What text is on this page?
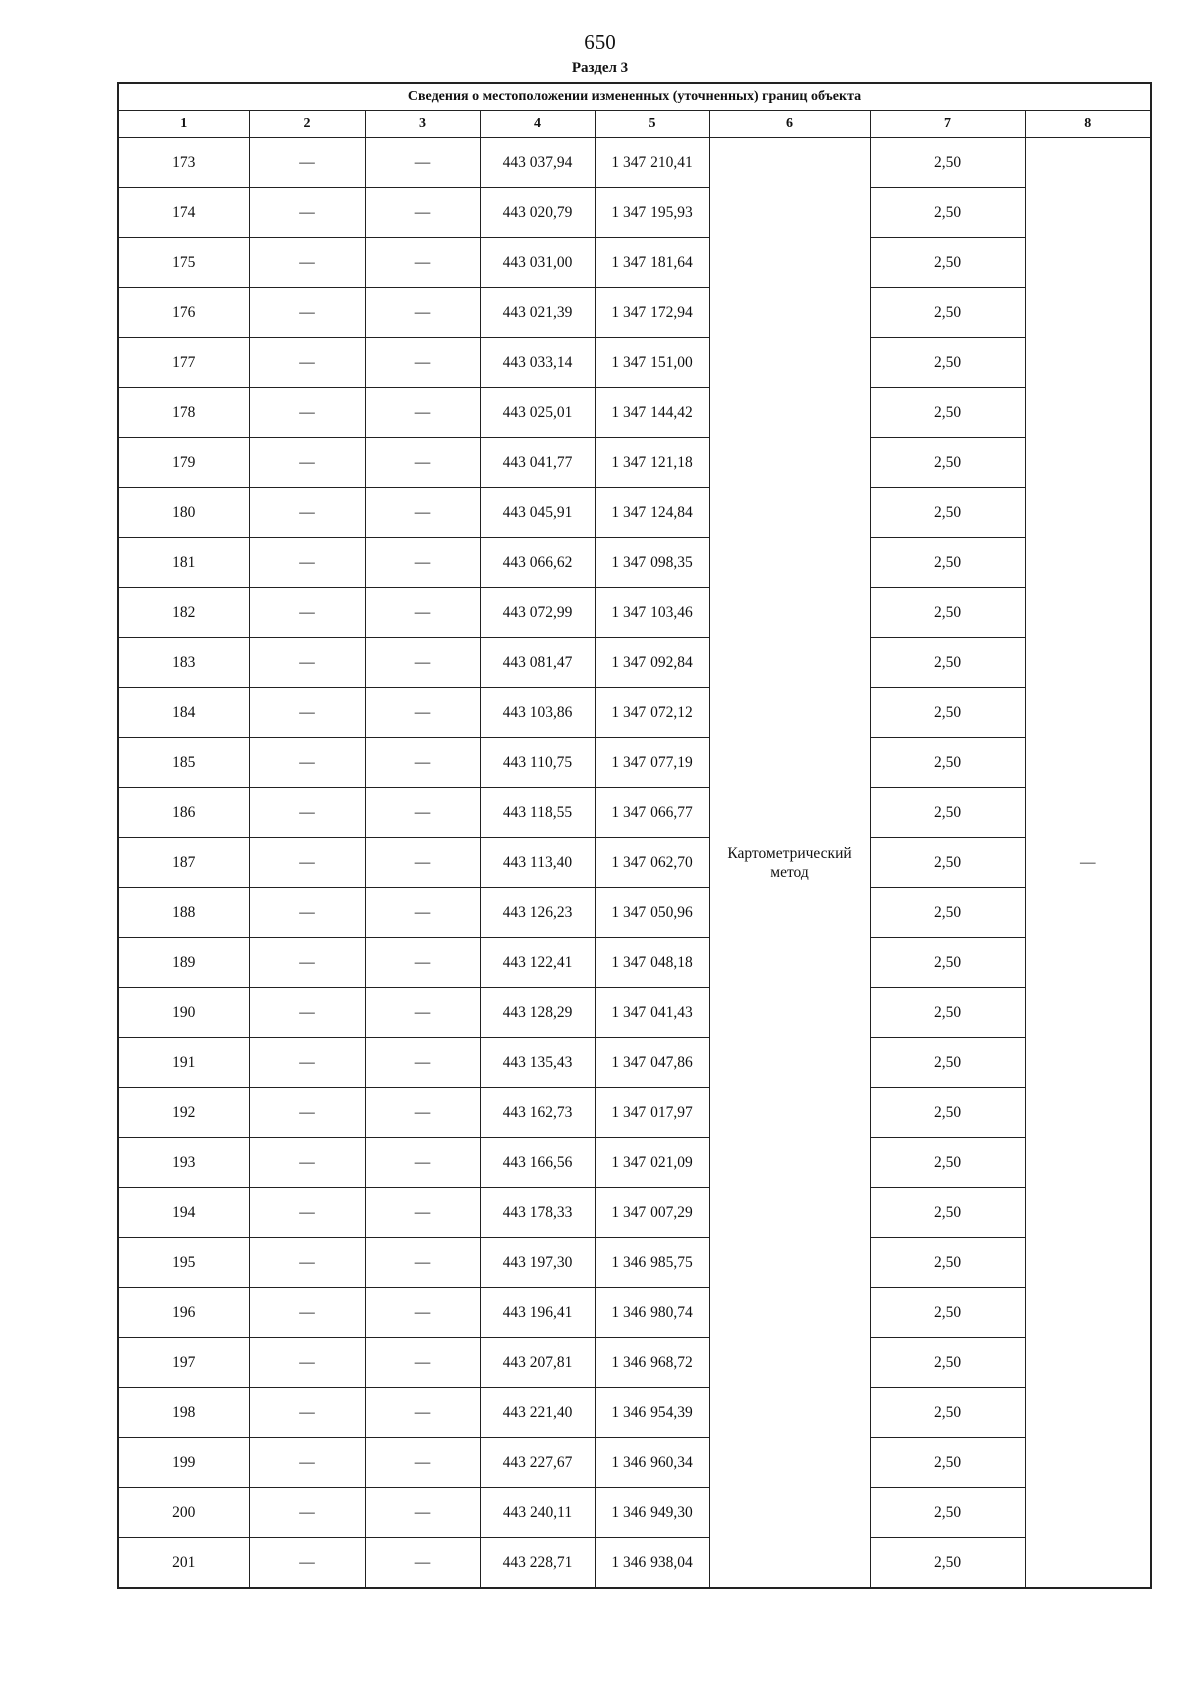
650
Раздел 3
Сведения о местоположении измененных (уточненных) границ объекта							
1	2	3	4	5	6	7	8
173	—	—	443 037,94	1 347 210,41	Картометрический метод	2,50	—
174	—	—	443 020,79	1 347 195,93		2,50	
175	—	—	443 031,00	1 347 181,64		2,50	
176	—	—	443 021,39	1 347 172,94		2,50	
177	—	—	443 033,14	1 347 151,00		2,50	
178	—	—	443 025,01	1 347 144,42		2,50	
179	—	—	443 041,77	1 347 121,18		2,50	
180	—	—	443 045,91	1 347 124,84		2,50	
181	—	—	443 066,62	1 347 098,35		2,50	
182	—	—	443 072,99	1 347 103,46		2,50	
183	—	—	443 081,47	1 347 092,84		2,50	
184	—	—	443 103,86	1 347 072,12		2,50	
185	—	—	443 110,75	1 347 077,19		2,50	
186	—	—	443 118,55	1 347 066,77		2,50	
187	—	—	443 113,40	1 347 062,70		2,50	
188	—	—	443 126,23	1 347 050,96		2,50	
189	—	—	443 122,41	1 347 048,18		2,50	
190	—	—	443 128,29	1 347 041,43		2,50	
191	—	—	443 135,43	1 347 047,86		2,50	
192	—	—	443 162,73	1 347 017,97		2,50	
193	—	—	443 166,56	1 347 021,09		2,50	
194	—	—	443 178,33	1 347 007,29		2,50	
195	—	—	443 197,30	1 346 985,75		2,50	
196	—	—	443 196,41	1 346 980,74		2,50	
197	—	—	443 207,81	1 346 968,72		2,50	
198	—	—	443 221,40	1 346 954,39		2,50	
199	—	—	443 227,67	1 346 960,34		2,50	
200	—	—	443 240,11	1 346 949,30		2,50	
201	—	—	443 228,71	1 346 938,04		2,50	
